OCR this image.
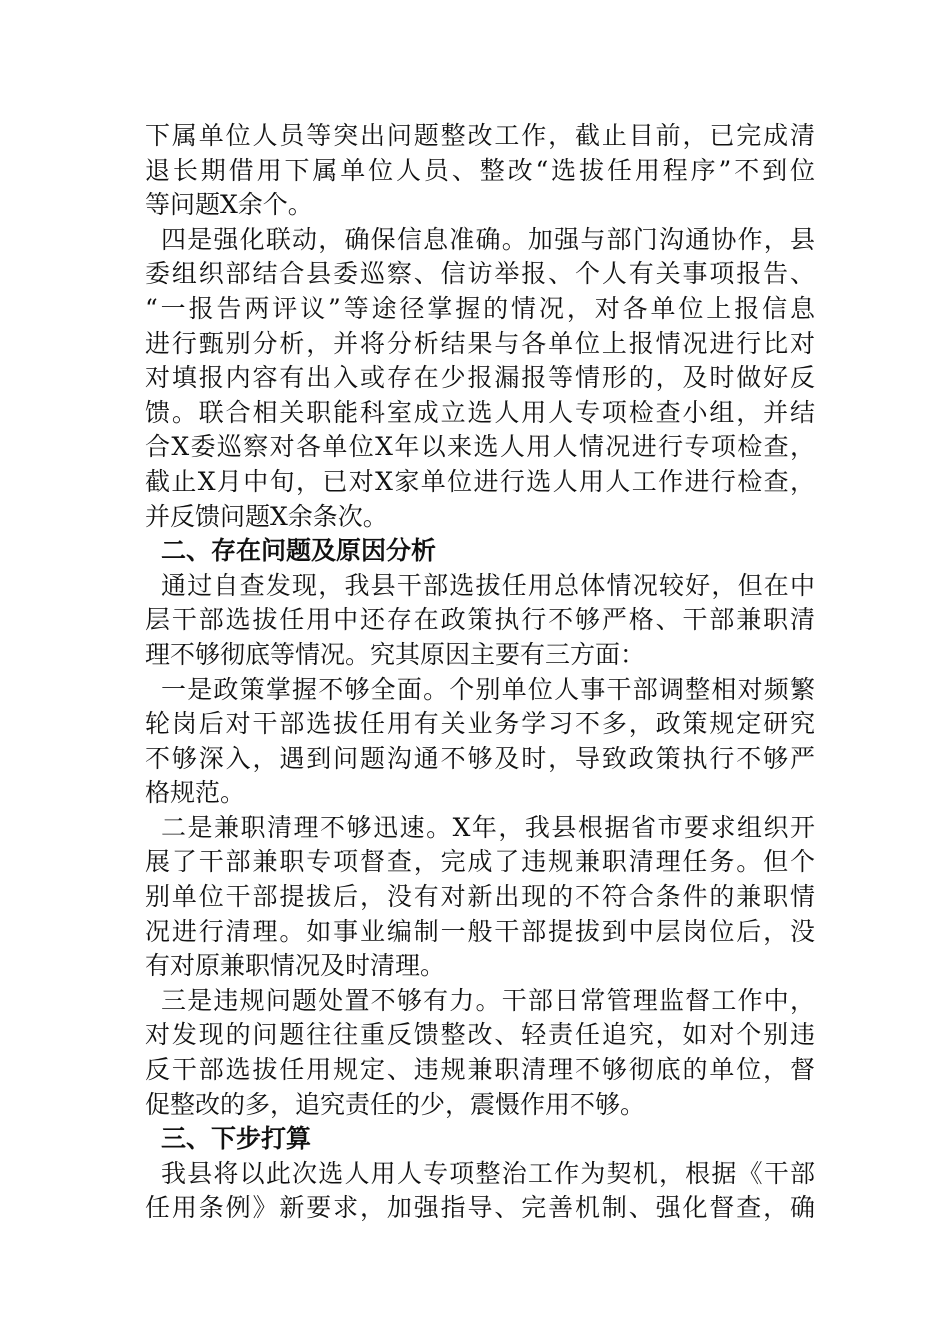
下属单位人员等突出问题整改工作，截止目前，已完成清
退长期借用下属单位人员、整改“选拔任用程序”不到位
等问题X余个。
四是强化联动，确保信息准确。加强与部门沟通协作，县
委组织部结合县委巡察、信访举报、个人有关事项报告、
“一报告两评议”等途径掌握的情况，对各单位上报信息
进行甄别分析，并将分析结果与各单位上报情况进行比对
对填报内容有出入或存在少报漏报等情形的，及时做好反
馈。联合相关职能科室成立选人用人专项检查小组，并结
合X委巡察对各单位X年以来选人用人情况进行专项检查，
截止X月中旬，已对X家单位进行选人用人工作进行检查，
并反馈问题X余条次。
二、存在问题及原因分析
通过自查发现，我县干部选拔任用总体情况较好，但在中
层干部选拔任用中还存在政策执行不够严格、干部兼职清
理不够彻底等情况。究其原因主要有三方面：
一是政策掌握不够全面。个别单位人事干部调整相对频繁
轮岗后对干部选拔任用有关业务学习不多，政策规定研究
不够深入，遇到问题沟通不够及时，导致政策执行不够严
格规范。
二是兼职清理不够迅速。X年，我县根据省市要求组织开
展了干部兼职专项督查，完成了违规兼职清理任务。但个
别单位干部提拔后，没有对新出现的不符合条件的兼职情
况进行清理。如事业编制一般干部提拔到中层岗位后，没
有对原兼职情况及时清理。
三是违规问题处置不够有力。干部日常管理监督工作中，
对发现的问题往往重反馈整改、轻责任追究，如对个别违
反干部选拔任用规定、违规兼职清理不够彻底的单位，督
促整改的多，追究责任的少，震慑作用不够。
三、下步打算
我县将以此次选人用人专项整治工作为契机，根据《干部
任用条例》新要求，加强指导、完善机制、强化督查，确
